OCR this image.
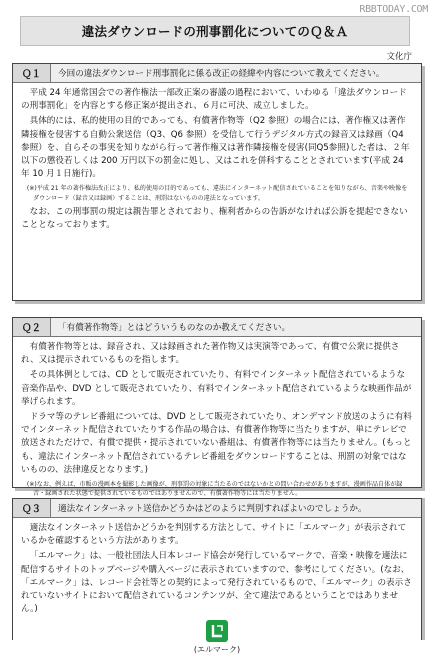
RBBTODAY.COM
違法ダウンロードの刑事罰化についてのＱ＆Ａ
文化庁
Ｑ１	今回の違法ダウンロード刑事罰化に係る改正の経緯や内容について教えてください。

平成 24 年通常国会での著作権法一部改正案の審議の過程において、いわゆる「違法ダウンロードの刑事罰化」を内容とする修正案が提出され、６月に可決、成立しました。

具体的には、私的使用の目的であっても、有償著作物等（Q2 参照）の場合には、著作権又は著作隣接権を侵害する自動公衆送信（Q3、Q6 参照）を受信して行うデジタル方式の録音又は録画（Q4 参照）を、自らその事実を知りながら行って著作権又は著作隣接権を侵害(同Q5参照)した者は、２年以下の懲役若しくは 200 万円以下の罰金に処し、又はこれを併科することとされています(平成 24 年 10 月１日施行)。

(※)平成 21 年の著作権法改正により、私的使用の目的であっても、違法にインターネット配信されていることを知りながら、音楽や映像をダウンロード（録音又は録画）することは、刑罰はないものの違法となっています。

なお、この刑事罰の規定は親告罪とされており、権利者からの告訴がなければ公訴を提起できないこととなっております。

Ｑ２	「有償著作物等」とはどういうものなのか教えてください。

有償著作物等とは、録音され、又は録画された著作物又は実演等であって、有償で公衆に提供され、又は提示されているものを指します。

その具体例としては、CD として販売されていたり、有料でインターネット配信されているような音楽作品や、DVD として販売されていたり、有料でインターネット配信されているような映画作品が挙げられます。

ドラマ等のテレビ番組については、DVD として販売されていたり、オンデマンド放送のように有料でインターネット配信されていたりする作品の場合は、有償著作物等に当たりますが、単にテレビで放送されただけで、有償で提供・提示されていない番組は、有償著作物等には当たりません。(もっとも、違法にインターネット配信されているテレビ番組をダウンロードすることは、刑罰の対象ではないものの、法律違反となります。)

(※)なお、例えば、市販の漫画本を撮影した画像が、刑事罰の対象に当たるのではないかとの問い合わせがありますが、漫画作品自体が録音・録画された状態で提供されているものではありませんので、有償著作物等には当たりません。

Ｑ３	適法なインターネット送信かどうかはどのように判別すればよいのでしょうか。

適法なインターネット送信かどうかを判別する方法として、サイトに「エルマーク」が表示されているかを確認するという方法があります。

「エルマーク」は、一般社団法人日本レコード協会が発行しているマークで、音楽・映像を適法に配信するサイトのトップページや購入ページに表示されていますので、参考にしてください。(なお、「エルマーク」は、レコード会社等との契約によって発行されているもので、「エルマーク」の表示されていないサイトにおいて配信されているコンテンツが、全て違法であるということではありません。)

(エルマーク)
